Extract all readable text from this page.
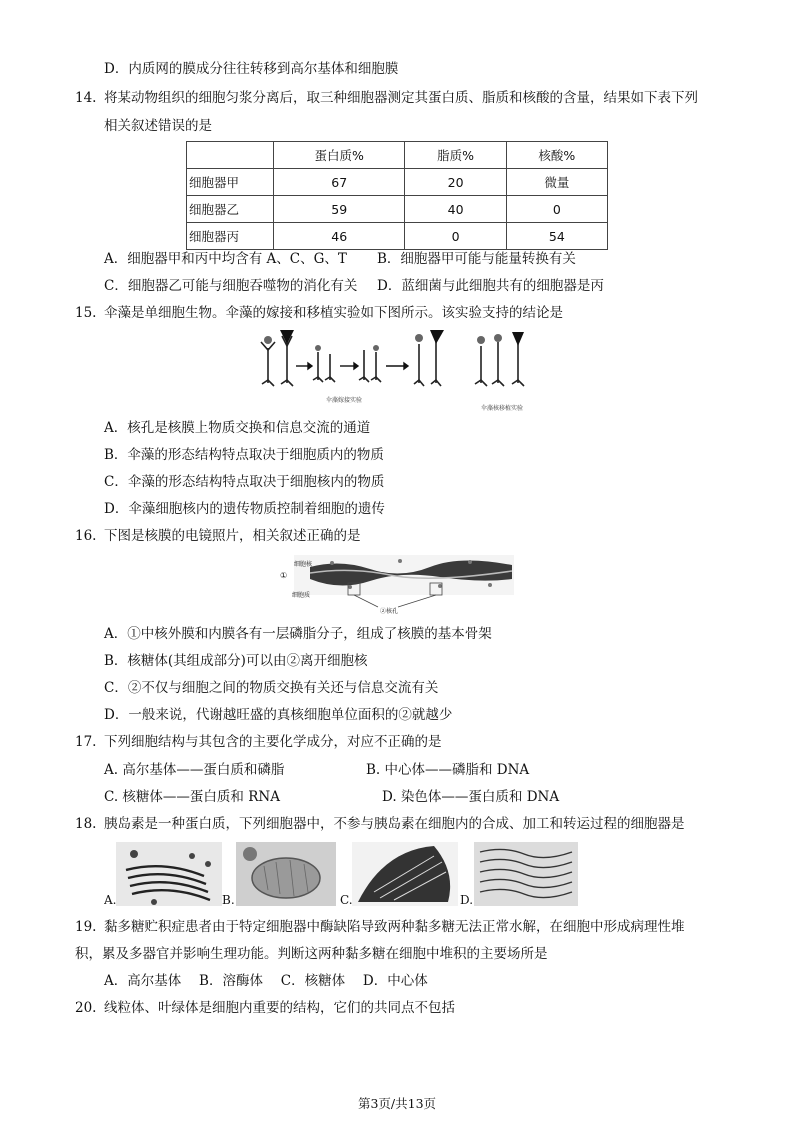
D．内质网的膜成分往往转移到高尔基体和细胞膜
14. 将某动物组织的细胞匀浆分离后，取三种细胞器测定其蛋白质、脂质和核酸的含量，结果如下表下列
相关叙述错误的是
	蛋白质%	脂质%	核酸%
细胞器甲	67	20	微量
细胞器乙	59	40	0
细胞器丙	46	0	54
A．细胞器甲和丙中均含有 A、C、G、T B．细胞器甲可能与能量转换有关
C．细胞器乙可能与细胞吞噬物的消化有关 D．蓝细菌与此细胞共有的细胞器是丙
15. 伞藻是单细胞生物。伞藻的嫁接和移植实验如下图所示。该实验支持的结论是
伞藻嫁接实验
伞藻核移植实验
A．核孔是核膜上物质交换和信息交流的通道
B．伞藻的形态结构特点取决于细胞质内的物质
C．伞藻的形态结构特点取决于细胞核内的物质
D．伞藻细胞核内的遗传物质控制着细胞的遗传
16. 下图是核膜的电镜照片，相关叙述正确的是
①
细胞核
细胞质
②核孔
A．①中核外膜和内膜各有一层磷脂分子，组成了核膜的基本骨架
B．核糖体(其组成部分)可以由②离开细胞核
C．②不仅与细胞之间的物质交换有关还与信息交流有关
D．一般来说，代谢越旺盛的真核细胞单位面积的②就越少
17. 下列细胞结构与其包含的主要化学成分，对应不正确的是
A. 高尔基体——蛋白质和磷脂	B. 中心体——磷脂和 DNA
C. 核糖体——蛋白质和 RNA	D. 染色体——蛋白质和 DNA
18. 胰岛素是一种蛋白质，下列细胞器中，不参与胰岛素在细胞内的合成、加工和转运过程的细胞器是
A.	B.	C.	D.
19. 黏多糖贮积症患者由于特定细胞器中酶缺陷导致两种黏多糖无法正常水解，在细胞中形成病理性堆
积，累及多器官并影响生理功能。判断这两种黏多糖在细胞中堆积的主要场所是
A．高尔基体　 B．溶酶体　 C．核糖体　 D．中心体
20. 线粒体、叶绿体是细胞内重要的结构，它们的共同点不包括
第3页/共13页
